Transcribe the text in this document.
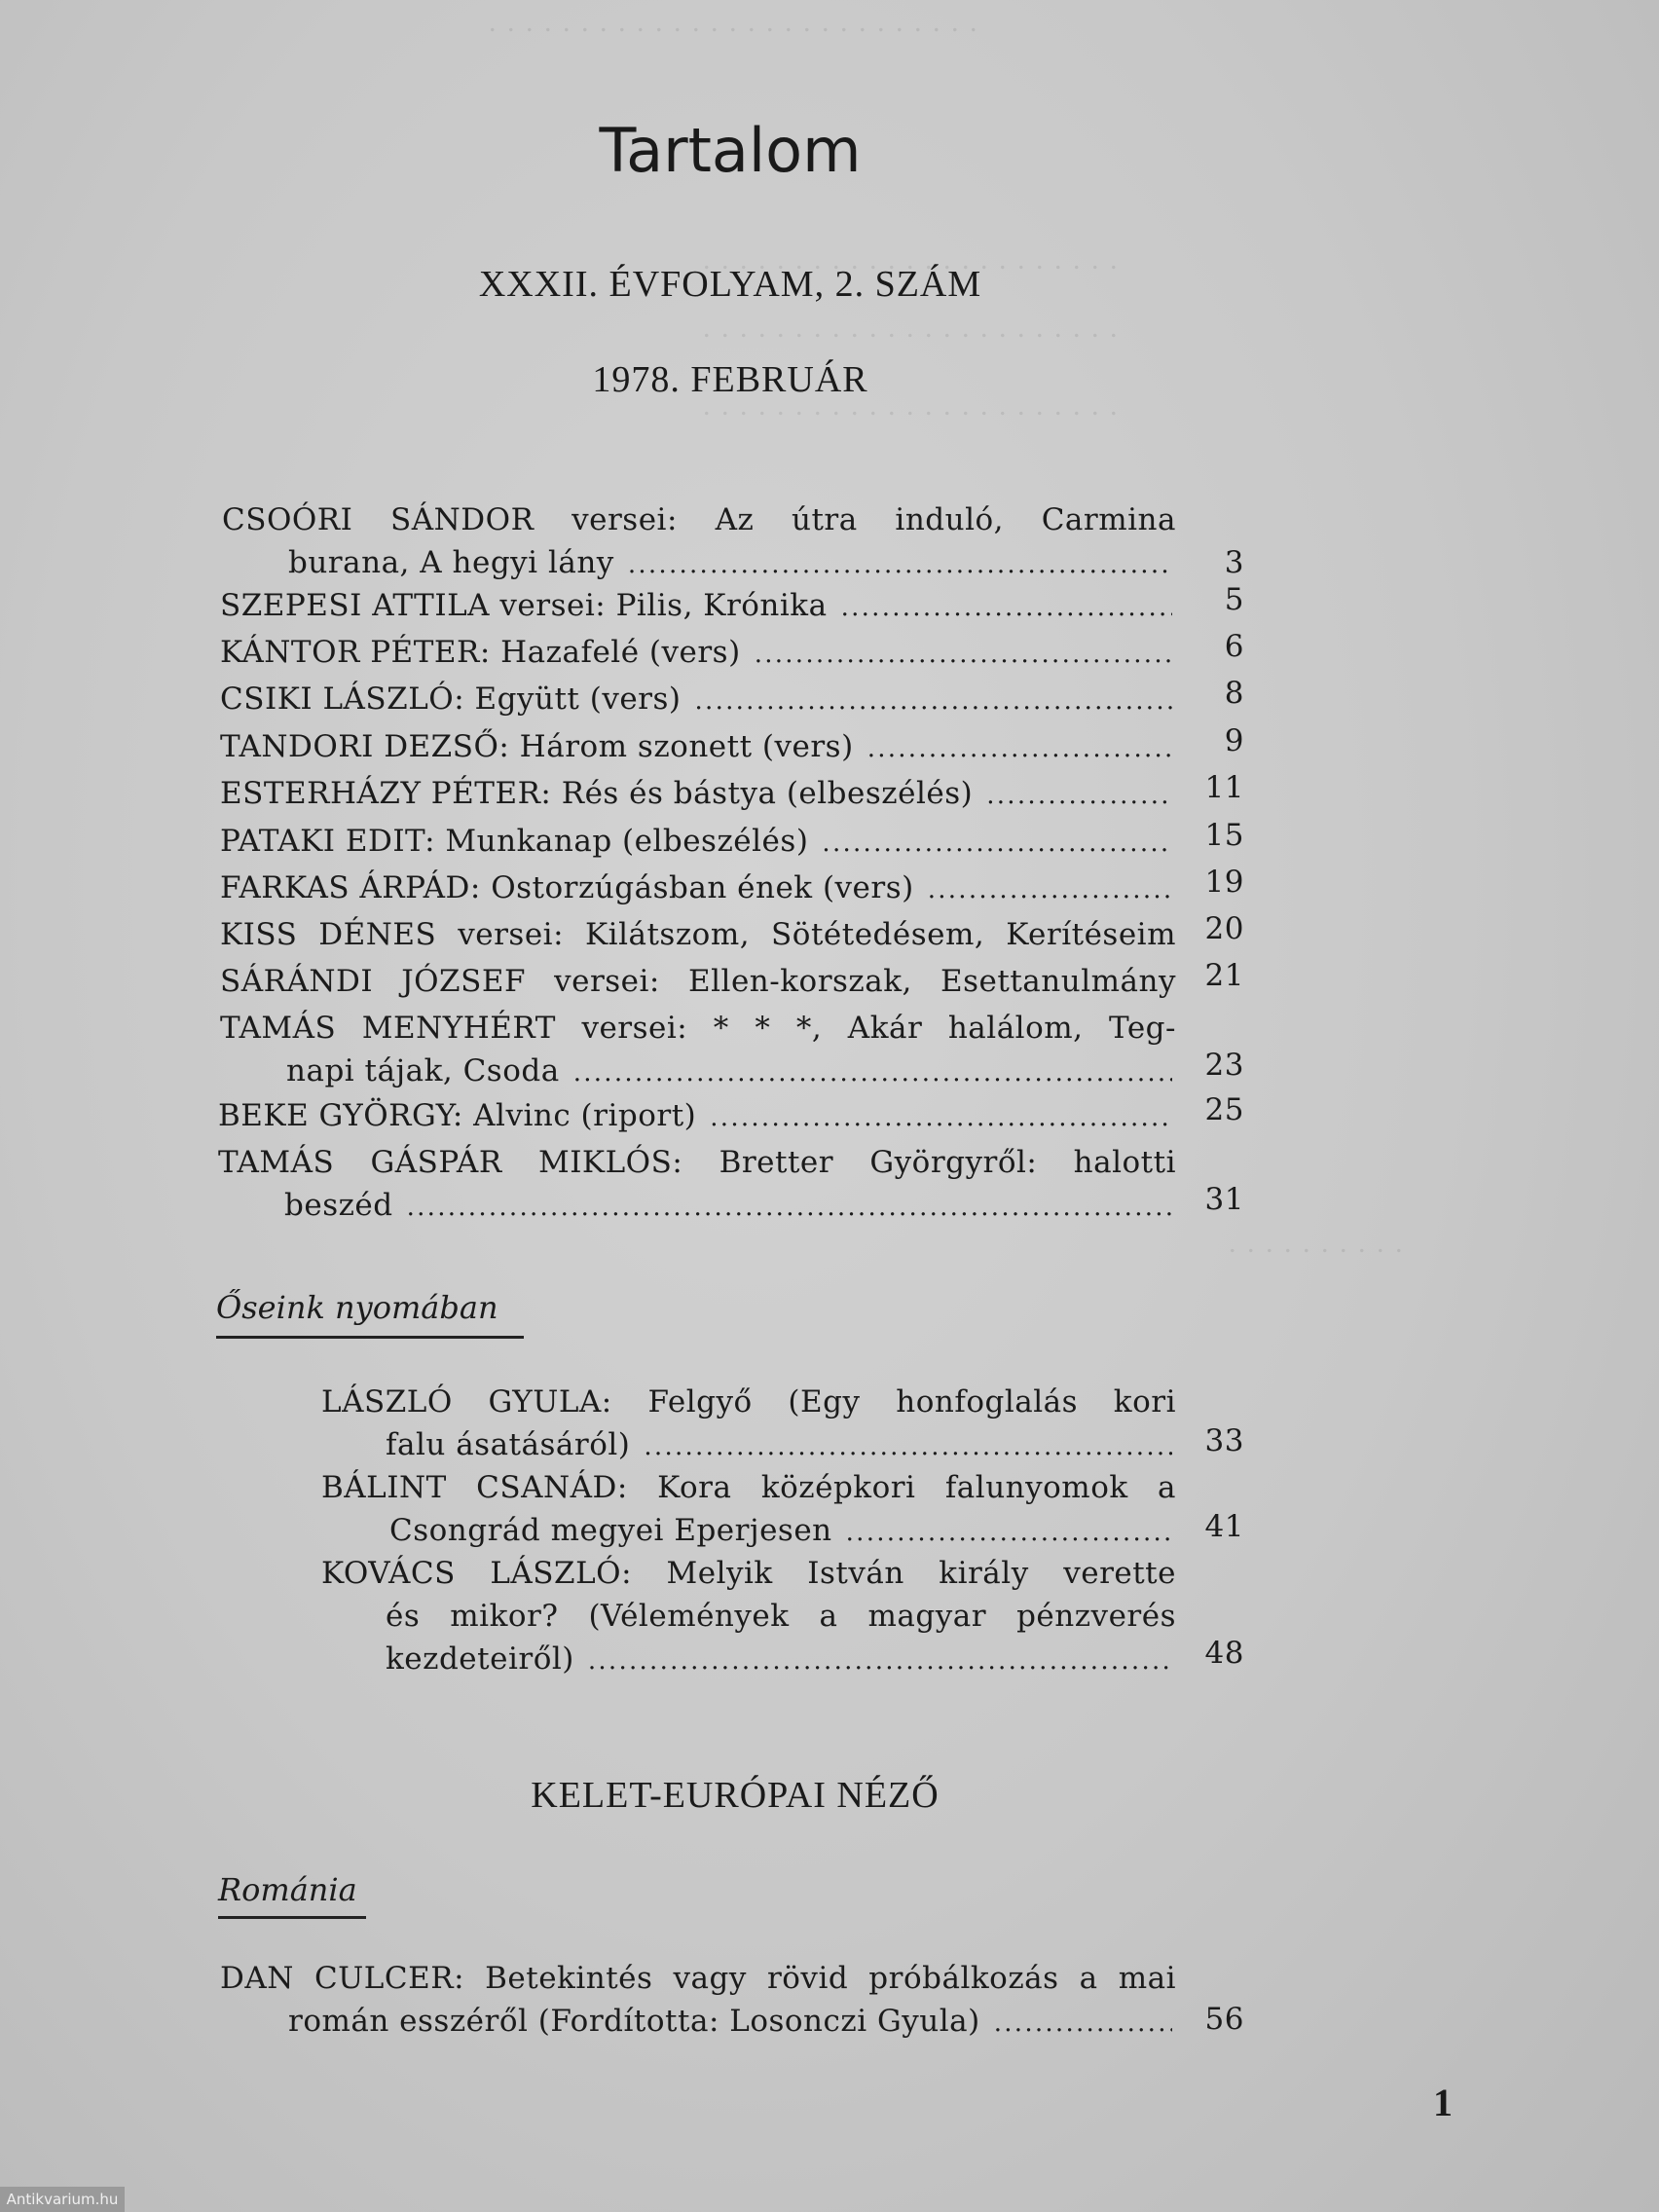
. . . . . . . . . . . . . . . . . . . . . . . . . . .
. . . . . . . . . . . . . . . . . . . . . . .
. . . . . . . . . . . . . . . . . . . . . . .
. . . . . . . . . . . . . . . . . . . . . . .
. . . . . . . . . .
Tartalom
XXXII. ÉVFOLYAM, 2. SZÁM
1978. FEBRUÁR
CSOÓRI SÁNDOR versei: Az útra induló, Carmina
burana, A hegyi lány . . .	3
SZEPESI ATTILA versei: Pilis, Krónika . . .	5
KÁNTOR PÉTER: Hazafelé (vers) . . .	6
CSIKI LÁSZLÓ: Együtt (vers) . . .	8
TANDORI DEZSŐ: Három szonett (vers) . . .	9
ESTERHÁZY PÉTER: Rés és bástya (elbeszélés) . . .	11
PATAKI EDIT: Munkanap (elbeszélés) . . .	15
FARKAS ÁRPÁD: Ostorzúgásban ének (vers) . . .	19
KISS DÉNES versei: Kilátszom, Sötétedésem, Kerítéseim 20
SÁRÁNDI JÓZSEF versei: Ellen-korszak, Esettanulmány 21
TAMÁS MENYHÉRT versei: * * *, Akár halálom, Teg-
napi tájak, Csoda . . .	23
BEKE GYÖRGY: Alvinc (riport) . . .	25
TAMÁS GÁSPÁR MIKLÓS: Bretter Györgyről: halotti
beszéd . . .	31
Őseink nyomában
LÁSZLÓ GYULA: Felgyő (Egy honfoglalás kori
falu ásatásáról) . . .	33
BÁLINT CSANÁD: Kora középkori falunyomok a
Csongrád megyei Eperjesen . . .	41
KOVÁCS LÁSZLÓ: Melyik István király verette
és mikor? (Vélemények a magyar pénzverés
kezdeteiről) . . .	48
KELET-EURÓPAI NÉZŐ
Románia
DAN CULCER: Betekintés vagy rövid próbálkozás a mai
román esszéről (Fordította: Losonczi Gyula) . . .	56
1
Antikvarium.hu
